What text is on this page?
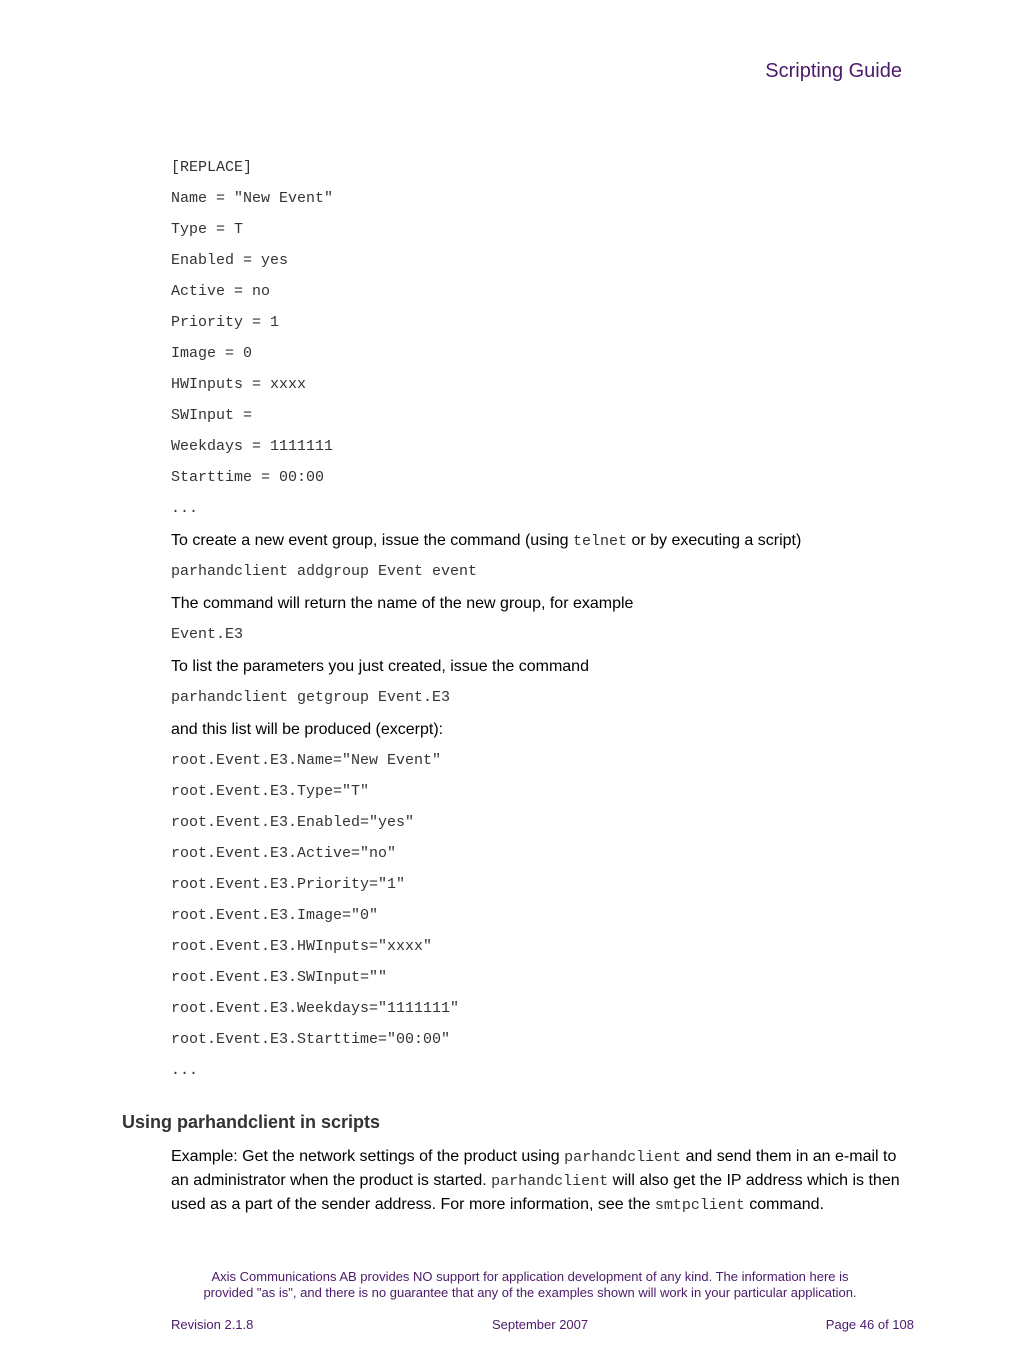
Scripting Guide
[REPLACE]
Name = "New Event"
Type = T
Enabled = yes
Active = no
Priority = 1
Image = 0
HWInputs = xxxx
SWInput =
Weekdays = 1111111
Starttime = 00:00
...
To create a new event group, issue the command (using telnet or by executing a script)
parhandclient addgroup Event event
The command will return the name of the new group, for example
Event.E3
To list the parameters you just created, issue the command
parhandclient getgroup Event.E3
and this list will be produced (excerpt):
root.Event.E3.Name="New Event"
root.Event.E3.Type="T"
root.Event.E3.Enabled="yes"
root.Event.E3.Active="no"
root.Event.E3.Priority="1"
root.Event.E3.Image="0"
root.Event.E3.HWInputs="xxxx"
root.Event.E3.SWInput=""
root.Event.E3.Weekdays="1111111"
root.Event.E3.Starttime="00:00"
...
Using parhandclient in scripts
Example: Get the network settings of the product using parhandclient and send them in an e-mail to an administrator when the product is started. parhandclient will also get the IP address which is then used as a part of the sender address. For more information, see the smtpclient command.
Axis Communications AB provides NO support for application development of any kind. The information here is
provided "as is", and there is no guarantee that any of the examples shown will work in your particular application.
Revision 2.1.8	September 2007	Page 46 of 108
